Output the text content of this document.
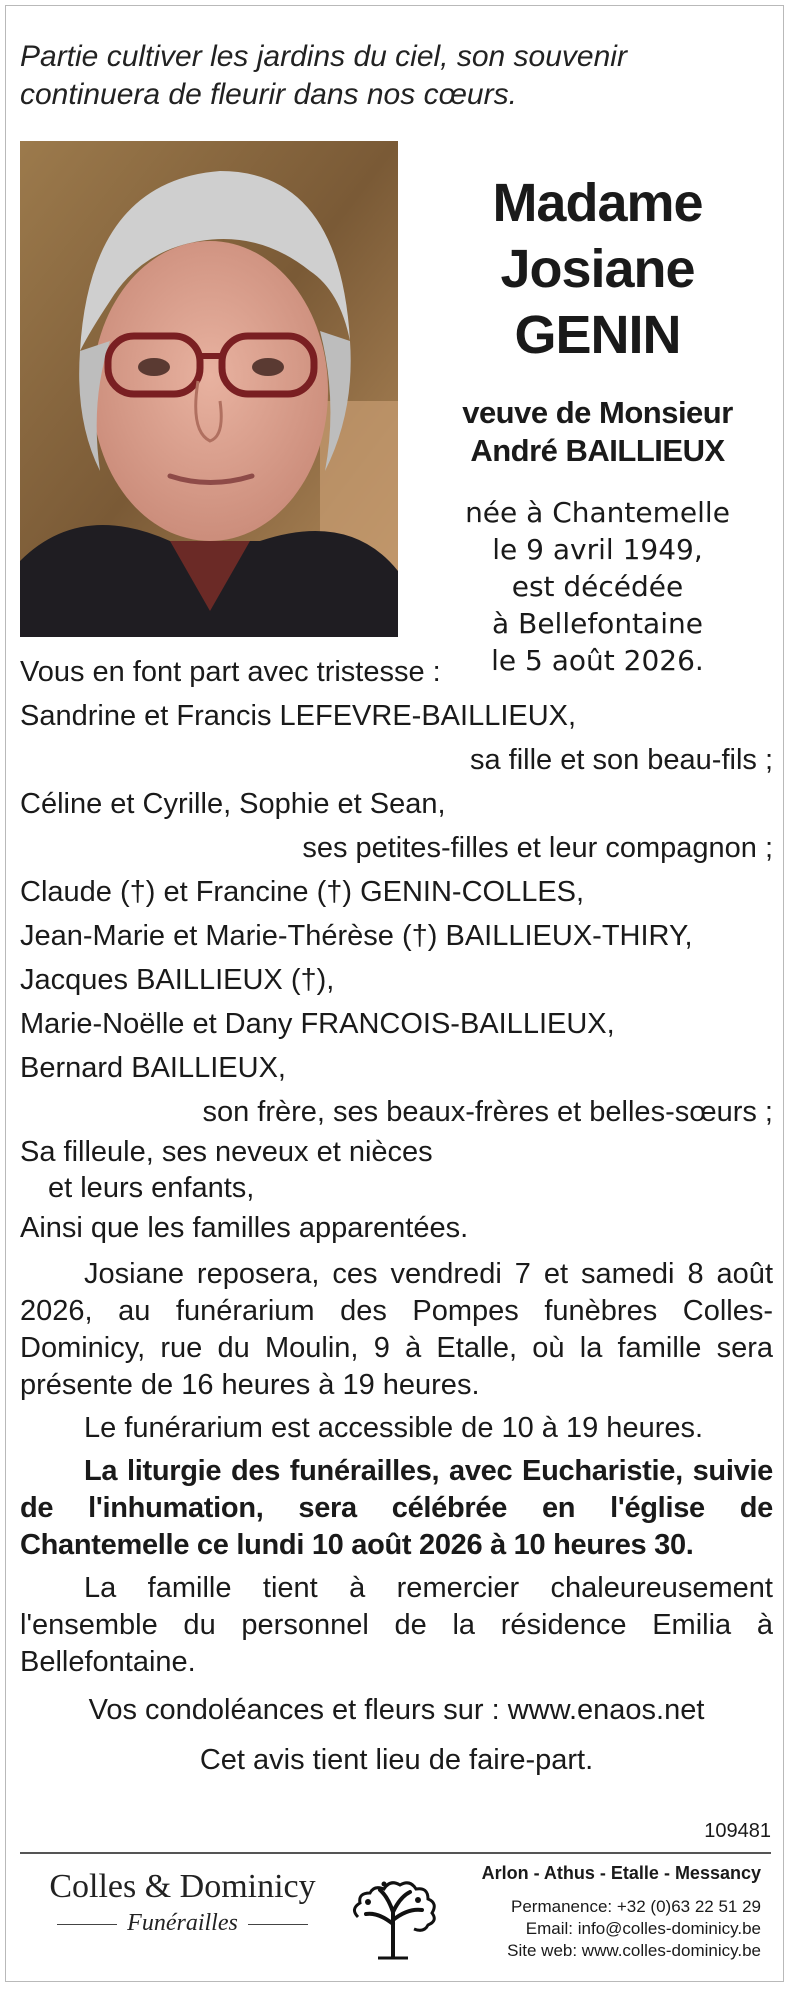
Partie cultiver les jardins du ciel, son souvenir
continuera de fleurir dans nos cœurs.
Madame
Josiane GENIN
veuve de Monsieur
André BAILLIEUX
née à Chantemelle
le 9 avril 1949,
est décédée
à Bellefontaine
le 5 août 2026.
Vous en font part avec tristesse :
Sandrine et Francis LEFEVRE-BAILLIEUX,
sa fille et son beau-fils ;
Céline et Cyrille, Sophie et Sean,
ses petites-filles et leur compagnon ;
Claude (†) et Francine (†) GENIN-COLLES,
Jean-Marie et Marie-Thérèse (†) BAILLIEUX-THIRY,
Jacques BAILLIEUX (†),
Marie-Noëlle et Dany FRANCOIS-BAILLIEUX,
Bernard BAILLIEUX,
son frère, ses beaux-frères et belles-sœurs ;
Sa filleule, ses neveux et nièces
et leurs enfants,
Ainsi que les familles apparentées.
Josiane reposera, ces vendredi 7 et samedi 8 août 2026, au funérarium des Pompes funèbres Colles-Dominicy, rue du Moulin, 9 à Etalle, où la famille sera présente de 16 heures à 19 heures.
Le funérarium est accessible de 10 à 19 heures.
La liturgie des funérailles, avec Eucharistie, suivie de l'inhumation, sera célébrée en l'église de Chantemelle ce lundi 10 août 2026 à 10 heures 30.
La famille tient à remercier chaleureusement l'ensemble du personnel de la résidence Emilia à Bellefontaine.
Vos condoléances et fleurs sur : www.enaos.net
Cet avis tient lieu de faire-part.
109481
Colles & Dominicy
Funérailles
Arlon - Athus - Etalle - Messancy
Permanence: +32 (0)63 22 51 29
Email: info@colles-dominicy.be
Site web: www.colles-dominicy.be
